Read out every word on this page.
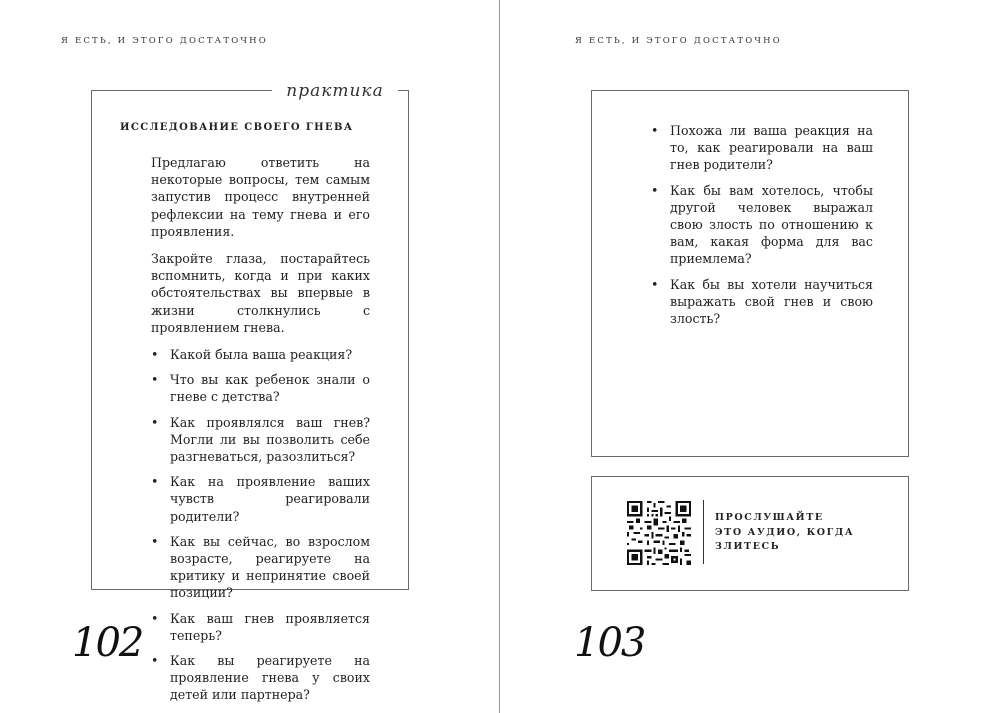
Я ЕСТЬ, И ЭТОГО ДОСТАТОЧНО
практика
ИССЛЕДОВАНИЕ СВОЕГО ГНЕВА

Предлагаю ответить на некоторые вопросы, тем самым запустив процесс внутренней рефлексии на тему гнева и его проявления.

Закройте глаза, постарайтесь вспомнить, когда и при каких обстоятельствах вы впервые в жизни столкнулись с проявлением гнева.

• Какой была ваша реакция?
• Что вы как ребенок знали о гневе с детства?
• Как проявлялся ваш гнев? Могли ли вы позволить себе разгневаться, разозлиться?
• Как на проявление ваших чувств реагировали родители?
• Как вы сейчас, во взрослом возрасте, реагируете на критику и непринятие своей позиции?
• Как ваш гнев проявляется теперь?
• Как вы реагируете на проявление гнева у своих детей или партнера?
102
Я ЕСТЬ, И ЭТОГО ДОСТАТОЧНО
• Похожа ли ваша реакция на то, как реагировали на ваш гнев родители?
• Как бы вам хотелось, чтобы другой человек выражал свою злость по отношению к вам, какая форма для вас приемлема?
• Как бы вы хотели научиться выражать свой гнев и свою злость?
ПРОСЛУШАЙТЕ
ЭТО АУДИО, КОГДА
ЗЛИТЕСЬ
103
